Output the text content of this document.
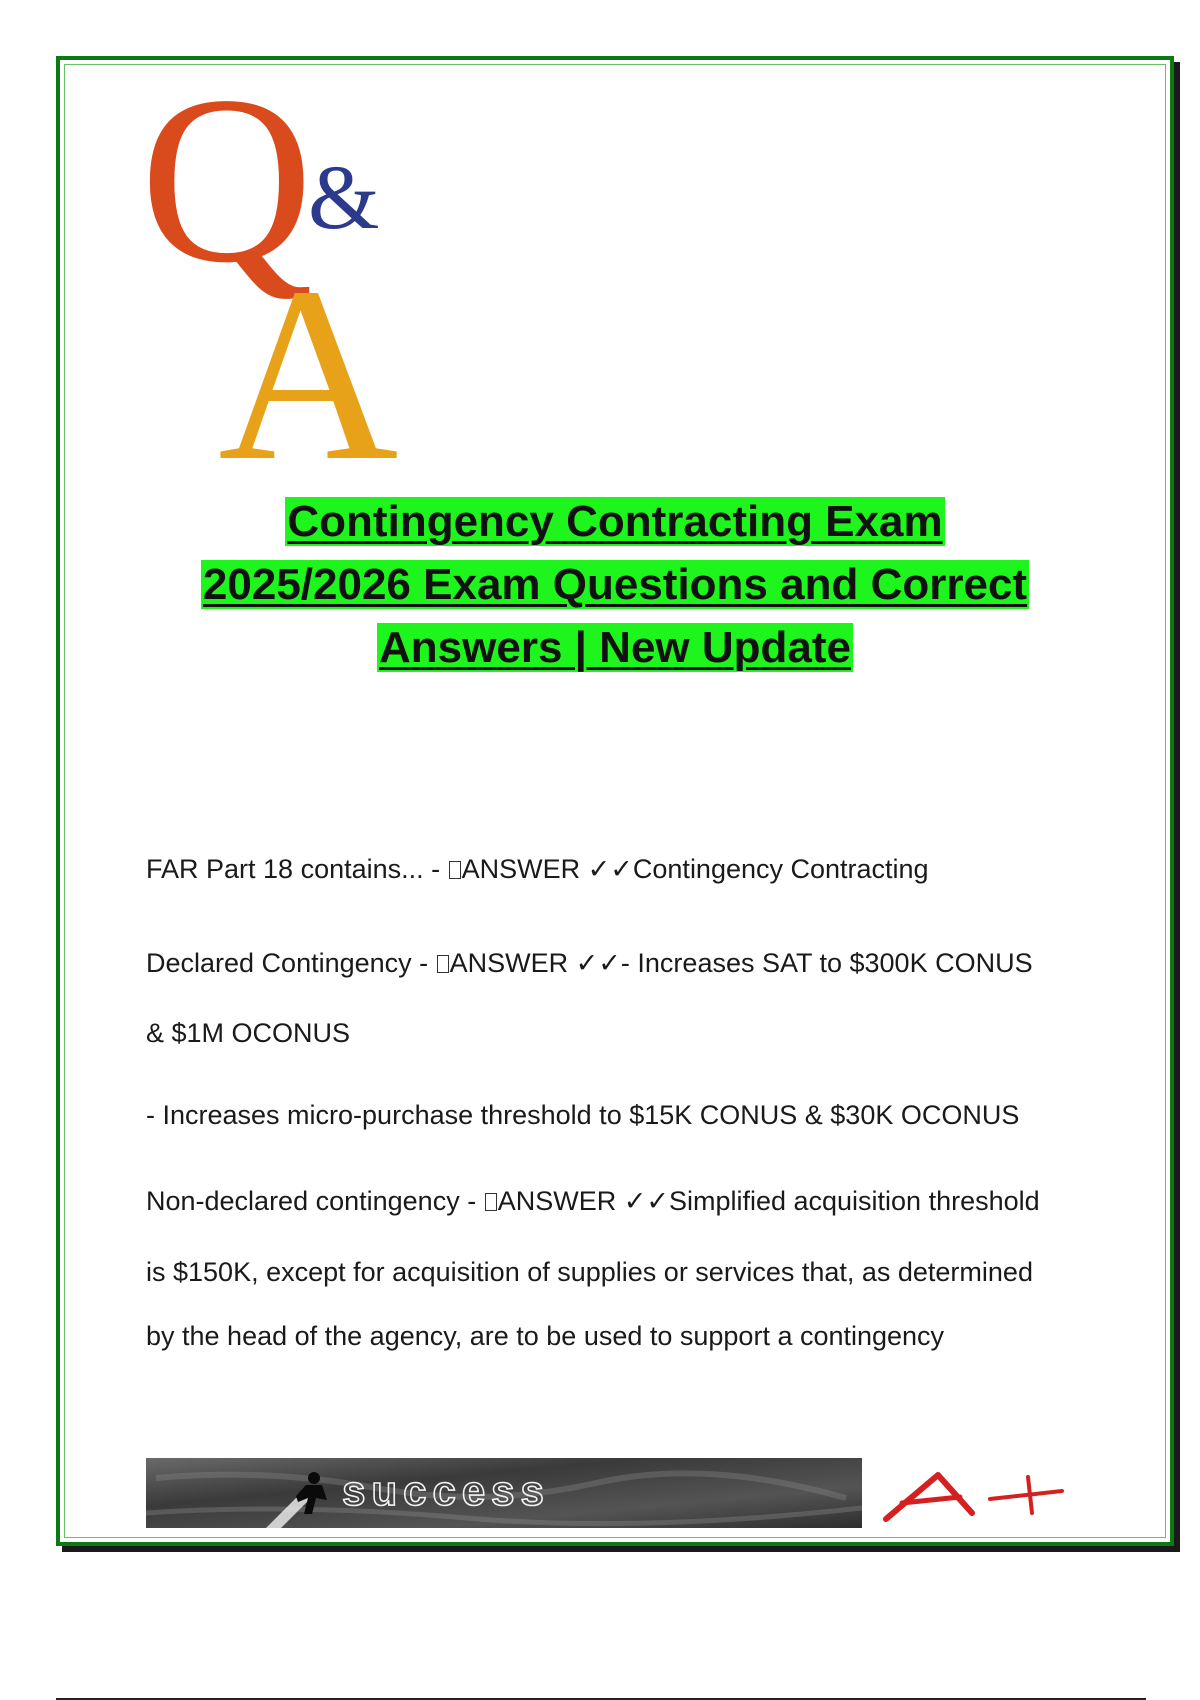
Q
&
A
Contingency Contracting Exam
2025/2026 Exam Questions and Correct
Answers | New Update
FAR Part 18 contains... - ANSWER ✓✓Contingency Contracting
Declared Contingency - ANSWER ✓✓- Increases SAT to $300K CONUS
& $1M OCONUS
- Increases micro-purchase threshold to $15K CONUS & $30K OCONUS
Non-declared contingency - ANSWER ✓✓Simplified acquisition threshold
is $150K, except for acquisition of supplies or services that, as determined
by the head of the agency, are to be used to support a contingency
success
